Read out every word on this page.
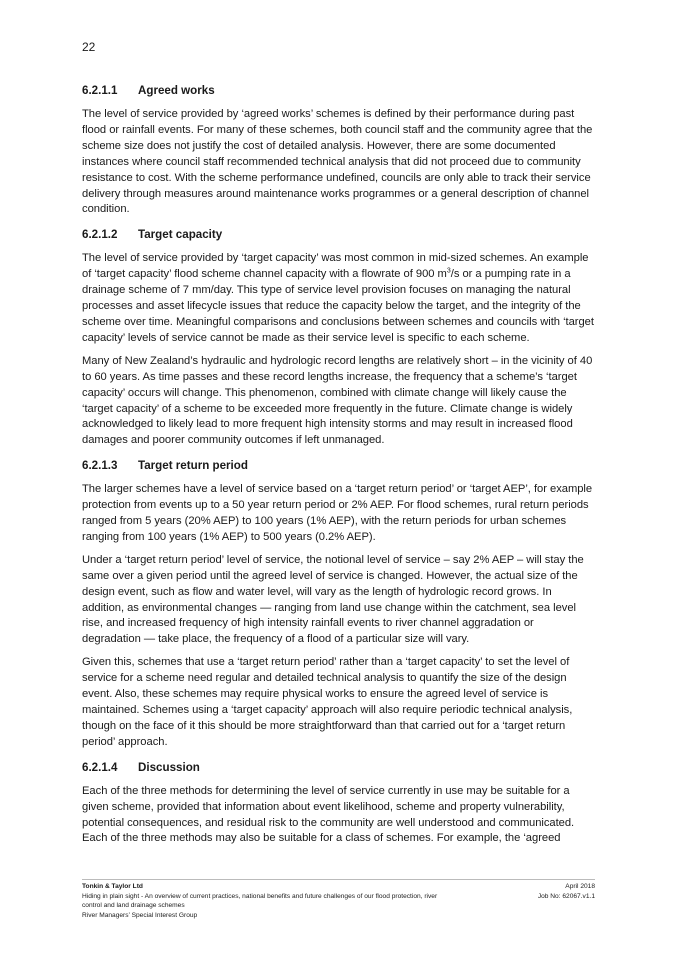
22
6.2.1.1	Agreed works

The level of service provided by ‘agreed works’ schemes is defined by their performance during past flood or rainfall events. For many of these schemes, both council staff and the community agree that the scheme size does not justify the cost of detailed analysis. However, there are some documented instances where council staff recommended technical analysis that did not proceed due to community resistance to cost. With the scheme performance undefined, councils are only able to track their service delivery through measures around maintenance works programmes or a general description of channel condition.

6.2.1.2	Target capacity

The level of service provided by ‘target capacity’ was most common in mid-sized schemes. An example of ‘target capacity’ flood scheme channel capacity with a flowrate of 900 $m^3/s$ or a pumping rate in a drainage scheme of 7 mm/day. This type of service level provision focuses on managing the natural processes and asset lifecycle issues that reduce the capacity below the target, and the integrity of the scheme over time. Meaningful comparisons and conclusions between schemes and councils with ‘target capacity’ levels of service cannot be made as their service level is specific to each scheme.

Many of New Zealand’s hydraulic and hydrologic record lengths are relatively short – in the vicinity of 40 to 60 years. As time passes and these record lengths increase, the frequency that a scheme’s ‘target capacity’ occurs will change. This phenomenon, combined with climate change will likely cause the ‘target capacity’ of a scheme to be exceeded more frequently in the future. Climate change is widely acknowledged to likely lead to more frequent high intensity storms and may result in increased flood damages and poorer community outcomes if left unmanaged.

6.2.1.3	Target return period

The larger schemes have a level of service based on a ‘target return period’ or ‘target AEP’, for example protection from events up to a 50 year return period or 2% AEP. For flood schemes, rural return periods ranged from 5 years (20% AEP) to 100 years (1% AEP), with the return periods for urban schemes ranging from 100 years (1% AEP) to 500 years (0.2% AEP).

Under a ‘target return period’ level of service, the notional level of service – say 2% AEP – will stay the same over a given period until the agreed level of service is changed. However, the actual size of the design event, such as flow and water level, will vary as the length of hydrologic record grows. In addition, as environmental changes — ranging from land use change within the catchment, sea level rise, and increased frequency of high intensity rainfall events to river channel aggradation or degradation — take place, the frequency of a flood of a particular size will vary.

Given this, schemes that use a ‘target return period’ rather than a ‘target capacity’ to set the level of service for a scheme need regular and detailed technical analysis to quantify the size of the design event. Also, these schemes may require physical works to ensure the agreed level of service is maintained. Schemes using a ‘target capacity’ approach will also require periodic technical analysis, though on the face of it this should be more straightforward than that carried out for a ‘target return period’ approach.

6.2.1.4	Discussion

Each of the three methods for determining the level of service currently in use may be suitable for a given scheme, provided that information about event likelihood, scheme and property vulnerability, potential consequences, and residual risk to the community are well understood and communicated. Each of the three methods may also be suitable for a class of schemes. For example, the ‘agreed

Tonkin & Taylor Ltd
Hiding in plain sight - An overview of current practices, national benefits and future challenges of our flood protection, river control and land drainage schemes
River Managers’ Special Interest Group
April 2018
Job No: 62067.v1.1
